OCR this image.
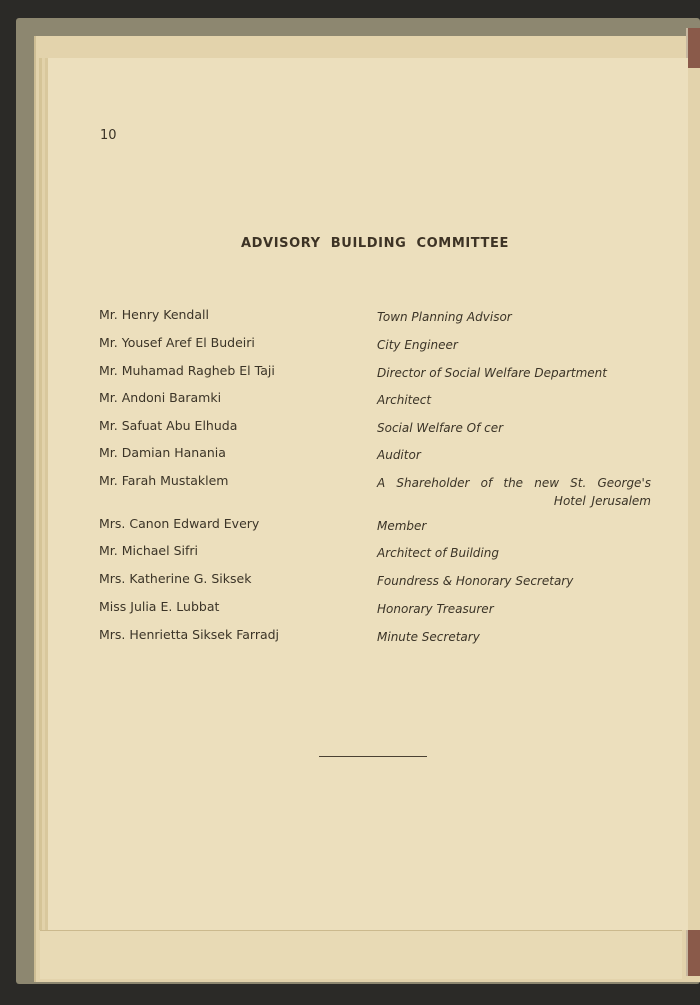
10
ADVISORY BUILDING COMMITTEE
Mr. Henry Kendall	Town Planning Advisor
Mr. Yousef Aref El Budeiri	City Engineer
Mr. Muhamad Ragheb El Taji	Director of Social Welfare Department
Mr. Andoni Baramki	Architect
Mr. Safuat Abu Elhuda	Social Welfare Of cer
Mr. Damian Hanania	Auditor
Mr. Farah Mustaklem	A Shareholder of the new St. George's Hotel Jerusalem
Mrs. Canon Edward Every	Member
Mr. Michael Sifri	Architect of Building
Mrs. Katherine G. Siksek	Foundress & Honorary Secretary
Miss Julia E. Lubbat	Honorary Treasurer
Mrs. Henrietta Siksek Farradj	Minute Secretary
